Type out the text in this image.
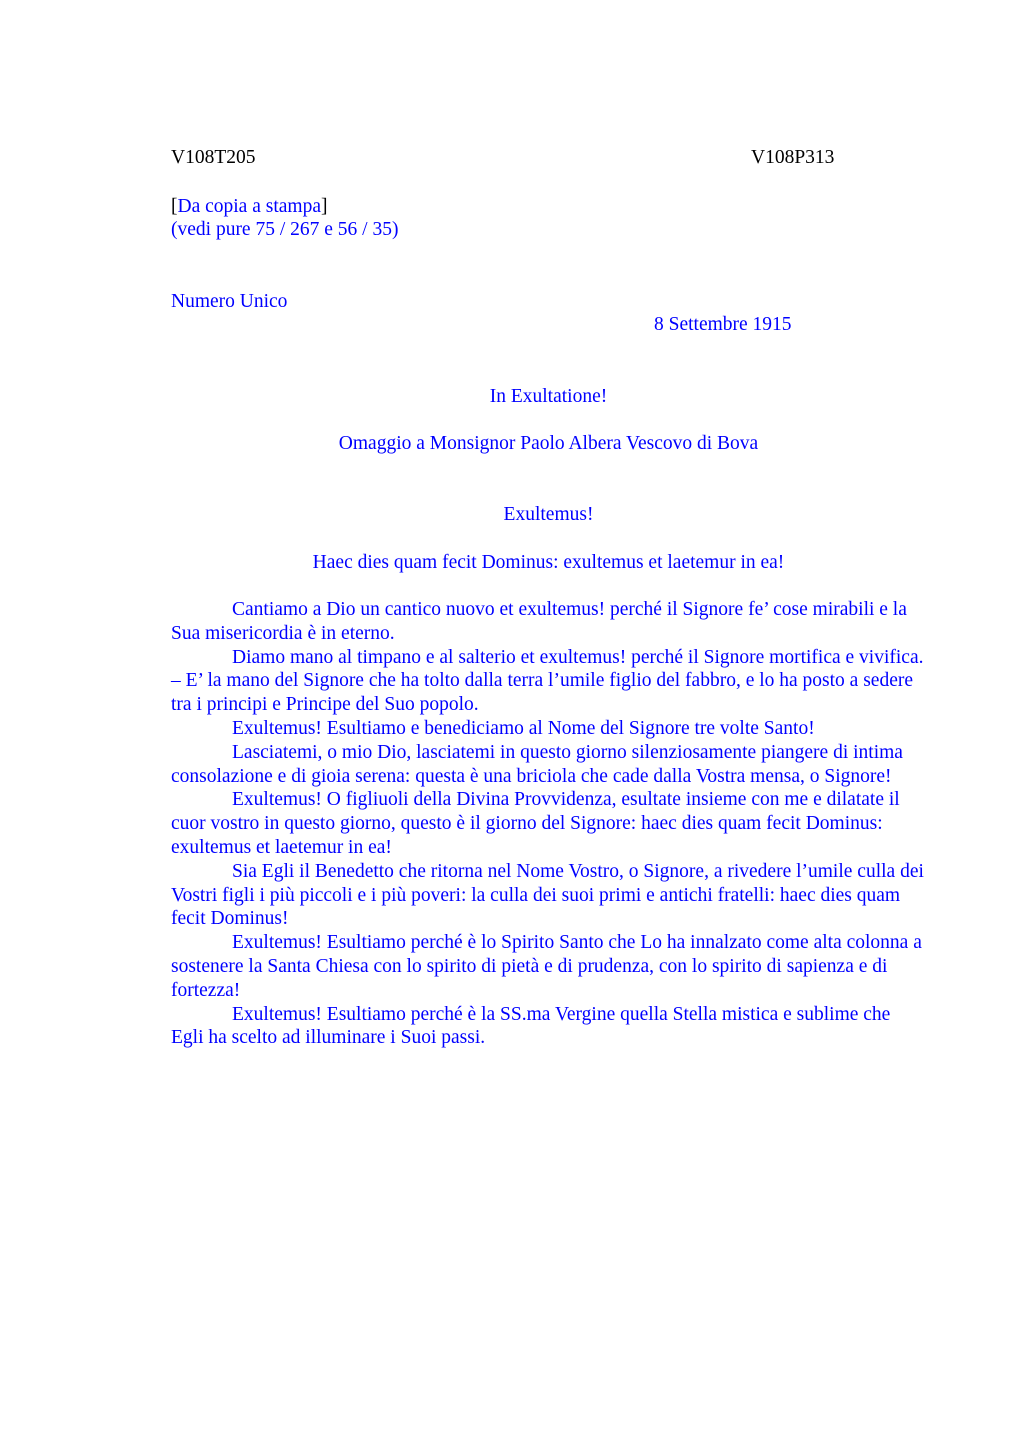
V108T205	V108P313
[Da copia a stampa]
(vedi pure 75 / 267 e 56 / 35)
Numero Unico
8 Settembre 1915
In Exultatione!
Omaggio a Monsignor Paolo Albera Vescovo di Bova
Exultemus!
Haec dies quam fecit Dominus: exultemus et laetemur in ea!

Cantiamo a Dio un cantico nuovo et exultemus! perché il Signore fe’ cose mirabili e la Sua misericordia è in eterno.

Diamo mano al timpano e al salterio et exultemus! perché il Signore mortifica e vivifica. – E’ la mano del Signore che ha tolto dalla terra l’umile figlio del fabbro, e lo ha posto a sedere tra i principi e Principe del Suo popolo.

Exultemus! Esultiamo e benediciamo al Nome del Signore tre volte Santo!

Lasciatemi, o mio Dio, lasciatemi in questo giorno silenziosamente piangere di intima consolazione e di gioia serena: questa è una briciola che cade dalla Vostra mensa, o Signore!

Exultemus! O figliuoli della Divina Provvidenza, esultate insieme con me e dilatate il cuor vostro in questo giorno, questo è il giorno del Signore: haec dies quam fecit Dominus: exultemus et laetemur in ea!

Sia Egli il Benedetto che ritorna nel Nome Vostro, o Signore, a rivedere l’umile culla dei Vostri figli i più piccoli e i più poveri: la culla dei suoi primi e antichi fratelli: haec dies quam fecit Dominus!

Exultemus! Esultiamo perché è lo Spirito Santo che Lo ha innalzato come alta colonna a sostenere la Santa Chiesa con lo spirito di pietà e di prudenza, con lo spirito di sapienza e di fortezza!

Exultemus! Esultiamo perché è la SS.ma Vergine quella Stella mistica e sublime che Egli ha scelto ad illuminare i Suoi passi.
